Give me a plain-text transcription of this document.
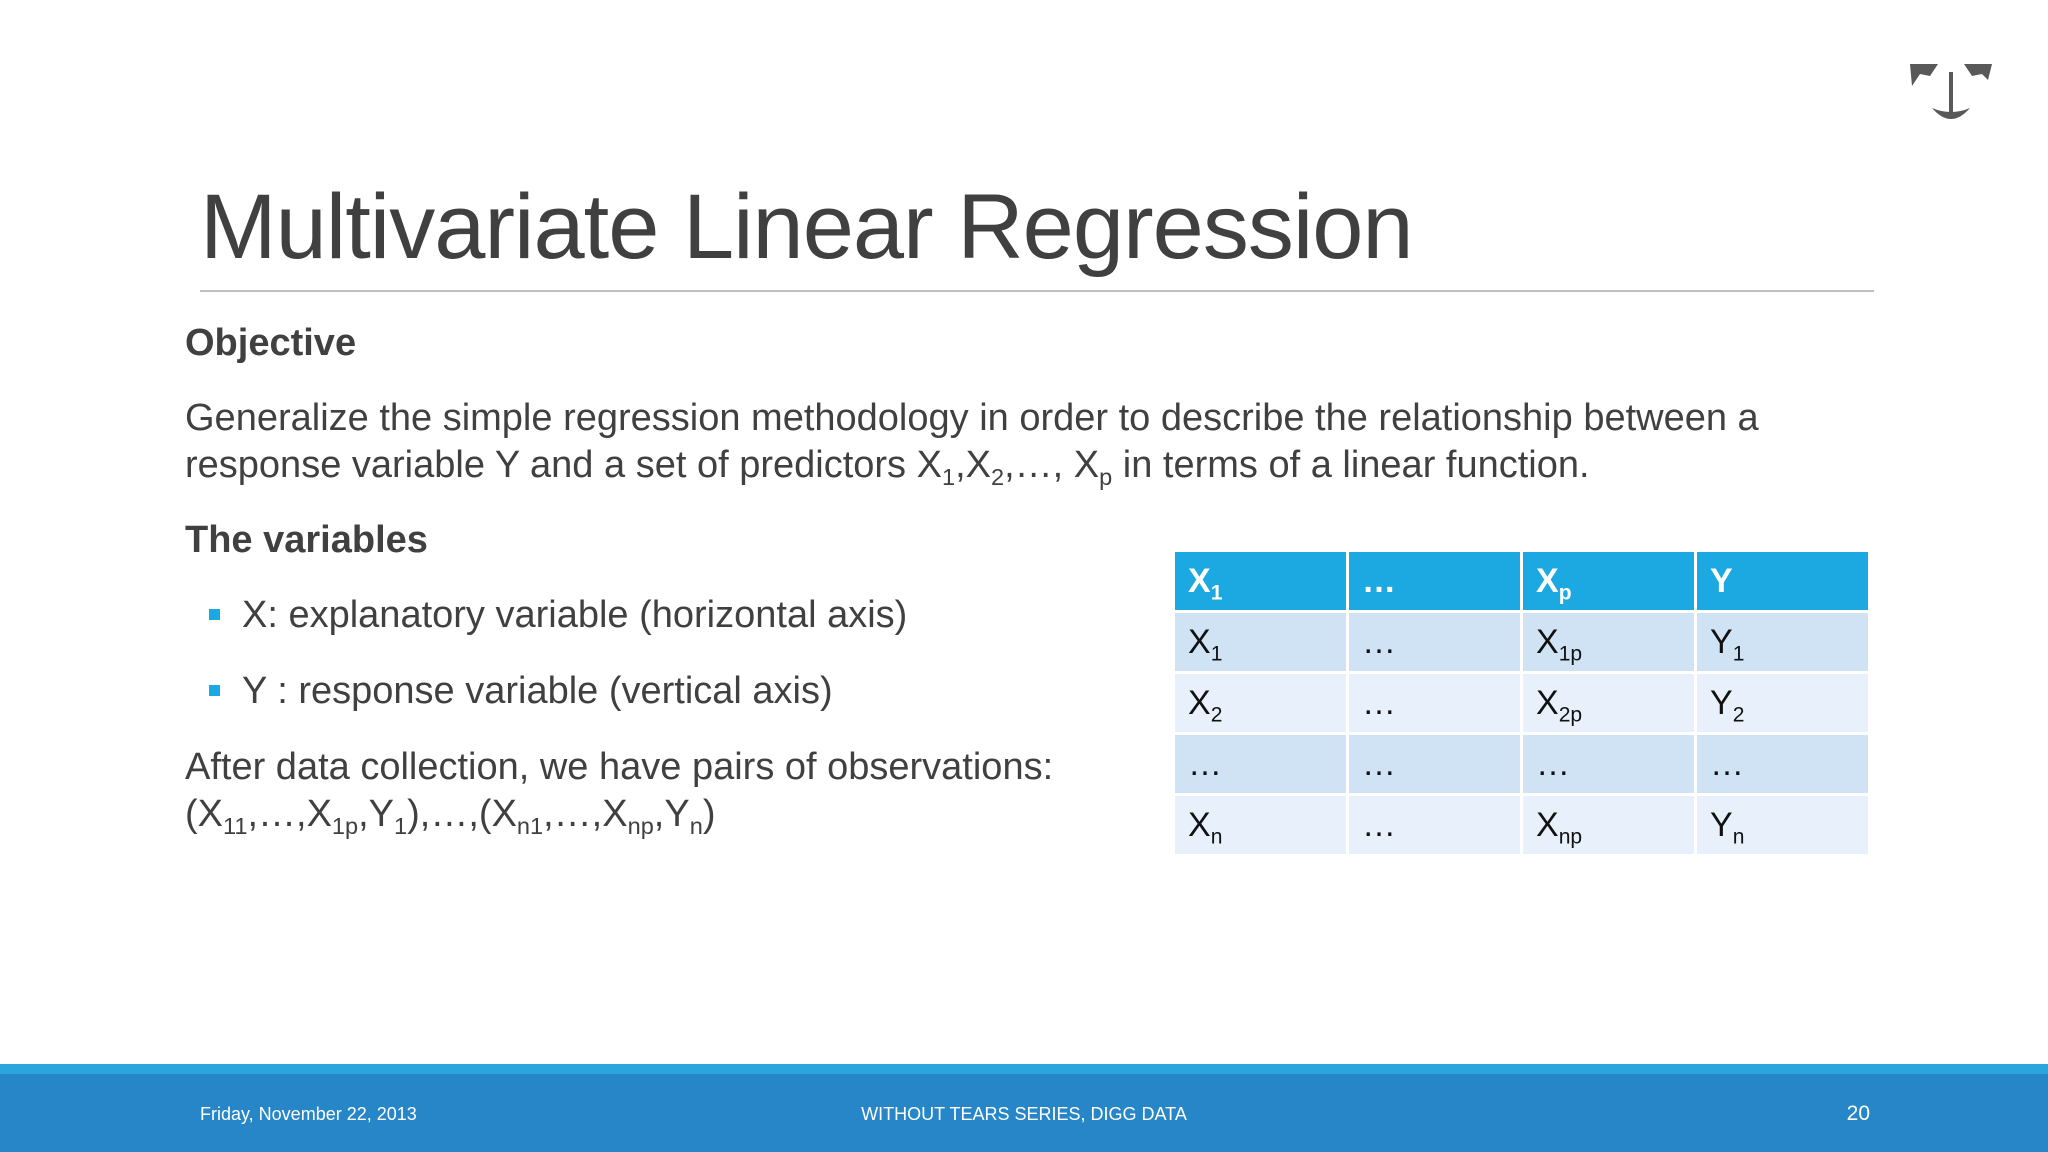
Multivariate Linear Regression
Objective
Generalize the simple regression methodology in order to describe the relationship between a
response variable Y and a set of predictors $X_1,X_2,\dots$, $X_p$ in terms of a linear function.
The variables
X: explanatory variable (horizontal axis)
Y : response variable (vertical axis)
After data collection, we have pairs of observations:
$(X_{11},\dots,X_{1p},Y_1),\dots,(X_{n1},\dots,X_{np},Y_n)$
$X_1$	…	$X_p$	Y
$X_1$	…	$X_{1p}$	$Y_1$
$X_2$	…	$X_{2p}$	$Y_2$
…	…	…	…
$X_n$	…	$X_{np}$	$Y_n$
Friday, November 22, 2013	WITHOUT TEARS SERIES, DIGG DATA	20
